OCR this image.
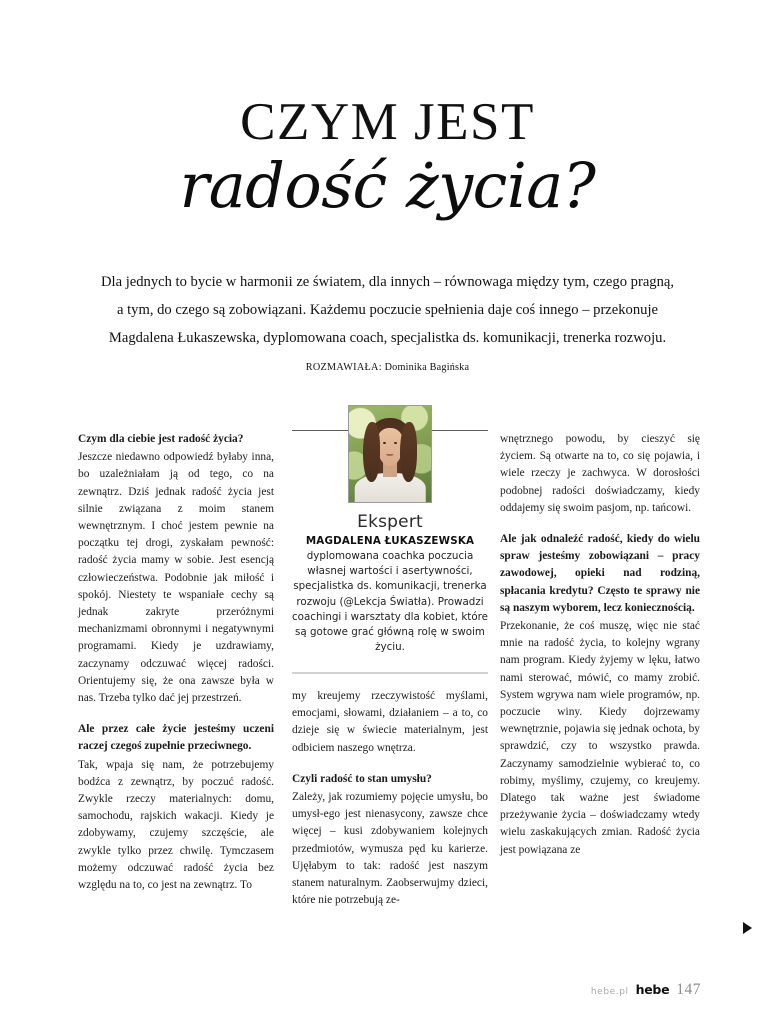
CZYM JEST
radość życia?
Dla jednych to bycie w harmonii ze światem, dla innych – równowaga między tym, czego pragną, a tym, do czego są zobowiązani. Każdemu poczucie spełnienia daje coś innego – przekonuje Magdalena Łukaszewska, dyplomowana coach, specjalistka ds. komunikacji, trenerka rozwoju. ROZMAWIAŁA: Dominika Bagińska
Ekspert
MAGDALENA ŁUKASZEWSKA
dyplomowana coachka poczucia własnej wartości i asertywności, specjalistka ds. komunikacji, trenerka rozwoju (@Lekcja Światła). Prowadzi coachingi i warsztaty dla kobiet, które są gotowe grać główną rolę w swoim życiu.

Czym dla ciebie jest radość życia?

Jeszcze niedawno odpowiedź byłaby inna, bo uzależniałam ją od tego, co na zewnątrz. Dziś jednak radość życia jest silnie związana z moim stanem wewnętrznym. I choć jestem pewnie na początku tej drogi, zyskałam pewność: radość życia mamy w sobie. Jest esencją człowieczeństwa. Podobnie jak miłość i spokój. Niestety te wspaniałe cechy są jednak zakryte przeróżnymi mechanizmami obronnymi i negatywnymi programami. Kiedy je uzdrawiamy, zaczynamy odczuwać więcej radości. Orientujemy się, że ona zawsze była w nas. Trzeba tylko dać jej przestrzeń.

Ale przez całe życie jesteśmy uczeni raczej czegoś zupełnie przeciwnego.

Tak, wpaja się nam, że potrzebujemy bodźca z zewnątrz, by poczuć radość. Zwykle rzeczy materialnych: domu, samochodu, rajskich wakacji. Kiedy je zdobywamy, czujemy szczęście, ale zwykle tylko przez chwilę. Tymczasem możemy odczuwać radość życia bez względu na to, co jest na zewnątrz. To

my kreujemy rzeczywistość myślami, emocjami, słowami, działaniem – a to, co dzieje się w świecie materialnym, jest odbiciem naszego wnętrza.

Czyli radość to stan umysłu?

Zależy, jak rozumiemy pojęcie umysłu, bo umysł-ego jest nienasycony, zawsze chce więcej – kusi zdobywaniem kolejnych przedmiotów, wymusza pęd ku karierze. Ujęłabym to tak: radość jest naszym stanem naturalnym. Zaobserwujmy dzieci, które nie potrzebują ze-

wnętrznego powodu, by cieszyć się życiem. Są otwarte na to, co się pojawia, i wiele rzeczy je zachwyca. W dorosłości podobnej radości doświadczamy, kiedy oddajemy się swoim pasjom, np. tańcowi.

Ale jak odnaleźć radość, kiedy do wielu spraw jesteśmy zobowiązani – pracy zawodowej, opieki nad rodziną, spłacania kredytu? Często te sprawy nie są naszym wyborem, lecz koniecznością.

Przekonanie, że coś muszę, więc nie stać mnie na radość życia, to kolejny wgrany nam program. Kiedy żyjemy w lęku, łatwo nami sterować, mówić, co mamy zrobić. System wgrywa nam wiele programów, np. poczucie winy. Kiedy dojrzewamy wewnętrznie, pojawia się jednak ochota, by sprawdzić, czy to wszystko prawda. Zaczynamy samodzielnie wybierać to, co robimy, myślimy, czujemy, co kreujemy. Dlatego tak ważne jest świadome przeżywanie życia – doświadczamy wtedy wielu zaskakujących zmian. Radość życia jest powiązana ze

hebe.pl hebe 147
